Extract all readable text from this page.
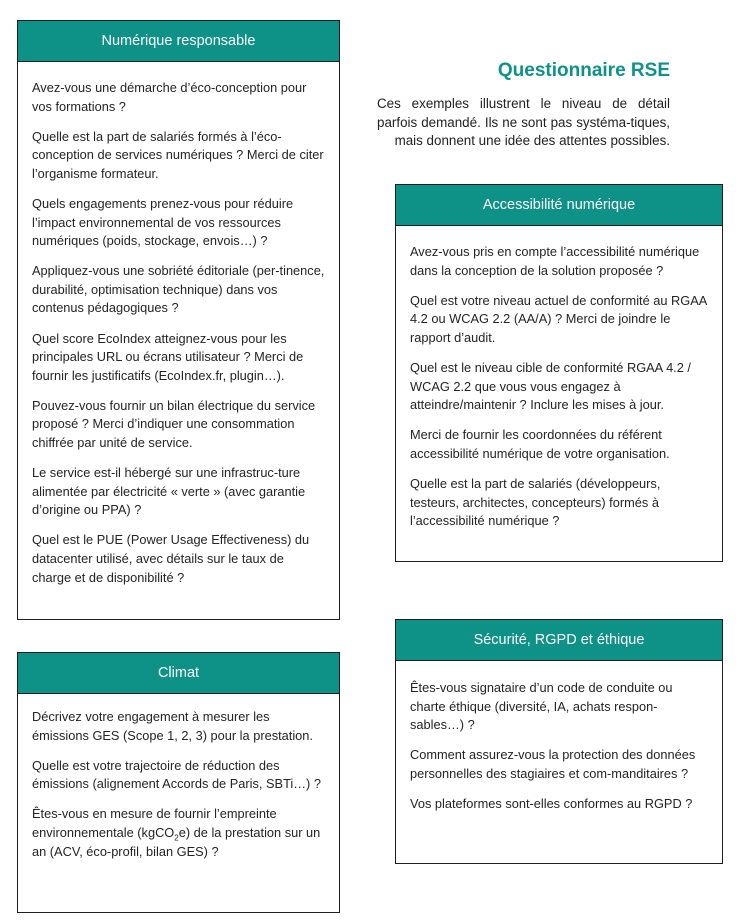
Numérique responsable

Avez-vous une démarche d’éco-conception pour vos formations ?

Quelle est la part de salariés formés à l’éco-conception de services numériques ? Merci de citer l’organisme formateur.

Quels engagements prenez-vous pour réduire l’impact environnemental de vos ressources numériques (poids, stockage, envois…) ?

Appliquez-vous une sobriété éditoriale (per-tinence, durabilité, optimisation technique) dans vos contenus pédagogiques ?

Quel score EcoIndex atteignez-vous pour les principales URL ou écrans utilisateur ? Merci de fournir les justificatifs (EcoIndex.fr, plugin…).

Pouvez-vous fournir un bilan électrique du service proposé ? Merci d’indiquer une consommation chiffrée par unité de service.

Le service est-il hébergé sur une infrastruc-ture alimentée par électricité « verte » (avec garantie d’origine ou PPA) ?

Quel est le PUE (Power Usage Effectiveness) du datacenter utilisé, avec détails sur le taux de charge et de disponibilité ?

Climat

Décrivez votre engagement à mesurer les émissions GES (Scope 1, 2, 3) pour la prestation.

Quelle est votre trajectoire de réduction des émissions (alignement Accords de Paris, SBTi…) ?

Êtes-vous en mesure de fournir l’empreinte environnementale (kgCO$_2$e) de la prestation sur un an (ACV, éco-profil, bilan GES) ?

Questionnaire RSE

Ces exemples illustrent le niveau de détail parfois demandé. Ils ne sont pas systéma-tiques, mais donnent une idée des attentes possibles.

Accessibilité numérique

Avez-vous pris en compte l’accessibilité numérique dans la conception de la solution proposée ?

Quel est votre niveau actuel de conformité au RGAA 4.2 ou WCAG 2.2 (AA/A) ? Merci de joindre le rapport d’audit.

Quel est le niveau cible de conformité RGAA 4.2 / WCAG 2.2 que vous vous engagez à atteindre/maintenir ? Inclure les mises à jour.

Merci de fournir les coordonnées du référent accessibilité numérique de votre organisation.

Quelle est la part de salariés (développeurs, testeurs, architectes, concepteurs) formés à l’accessibilité numérique ?

Sécurité, RGPD et éthique

Êtes-vous signataire d’un code de conduite ou charte éthique (diversité, IA, achats respon-sables…) ?

Comment assurez-vous la protection des données personnelles des stagiaires et com-manditaires ?

Vos plateformes sont-elles conformes au RGPD ?
